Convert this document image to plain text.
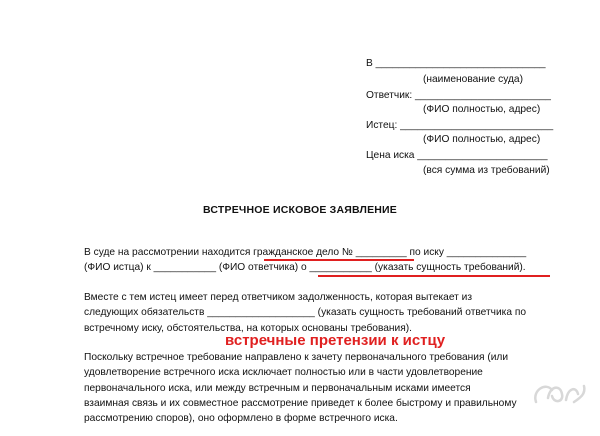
В ______________________________
(наименование суда)
Ответчик: ________________________
(ФИО полностью, адрес)
Истец: ___________________________
(ФИО полностью, адрес)
Цена иска _______________________
(вся сумма из требований)
ВСТРЕЧНОЕ ИСКОВОЕ ЗАЯВЛЕНИЕ
В суде на рассмотрении находится гражданское дело № _________ по иску ______________
(ФИО истца) к ___________ (ФИО ответчика) о ___________ (указать сущность требований).
Вместе с тем истец имеет перед ответчиком задолженность, которая вытекает из
следующих обязательств ___________________ (указать сущность требований ответчика по
встречному иску, обстоятельства, на которых основаны требования).
встречные претензии к истцу
Поскольку встречное требование направлено к зачету первоначального требования (или
удовлетворение встречного иска исключает полностью или в части удовлетворение
первоначального иска, или между встречным и первоначальным исками имеется
взаимная связь и их совместное рассмотрение приведет к более быстрому и правильному
рассмотрению споров), оно оформлено в форме встречного иска.
